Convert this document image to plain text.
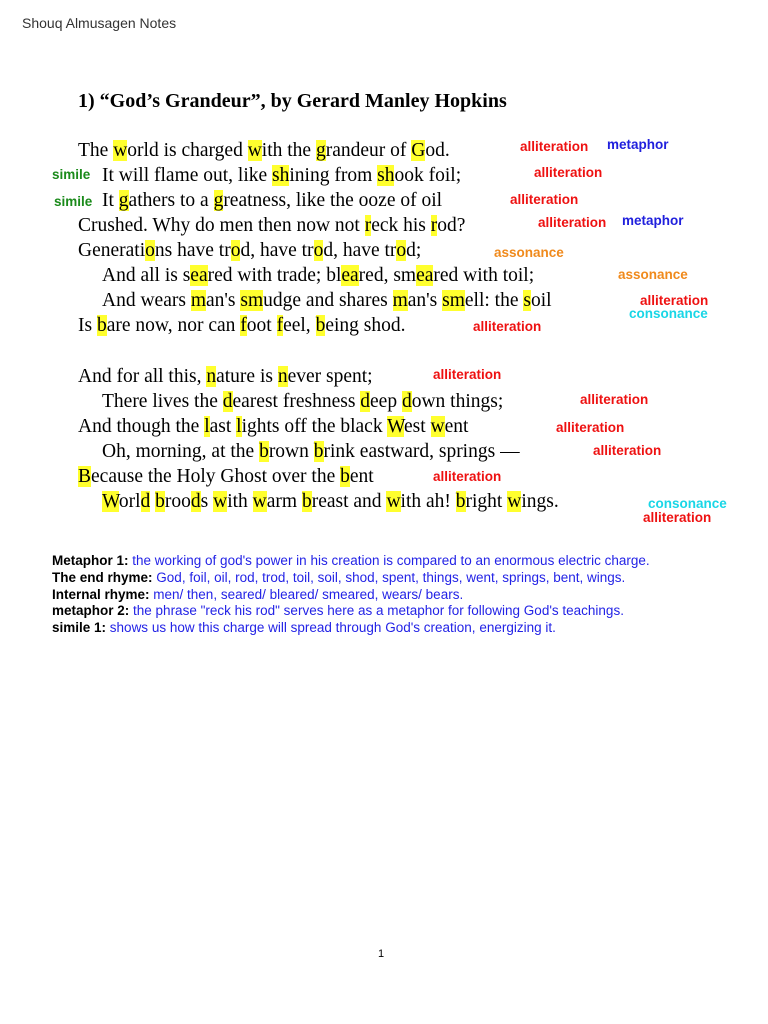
Shouq Almusagen Notes
1) “God’s Grandeur”, by Gerard Manley Hopkins
The world is charged with the grandeur of God.
It will flame out, like shining from shook foil;
It gathers to a greatness, like the ooze of oil
Crushed. Why do men then now not reck his rod?
Generations have trod, have trod, have trod;
And all is seared with trade; bleared, smeared with toil;
And wears man's smudge and shares man's smell: the soil
Is bare now, nor can foot feel, being shod.
And for all this, nature is never spent;
There lives the dearest freshness deep down things;
And though the last lights off the black West went
Oh, morning, at the brown brink eastward, springs —
Because the Holy Ghost over the bent
World broods with warm breast and with ah! bright wings.
alliteration metaphor
simile	alliteration
simile	alliteration
alliteration metaphor
assonance
assonance
alliteration
consonance
alliteration
alliteration
alliteration
alliteration
alliteration
alliteration
consonance
alliteration

Metaphor 1: the working of god's power in his creation is compared to an enormous electric charge.

The end rhyme: God, foil, oil, rod, trod, toil, soil, shod, spent, things, went, springs, bent, wings.

Internal rhyme: men/ then, seared/ bleared/ smeared, wears/ bears.

metaphor 2: the phrase "reck his rod" serves here as a metaphor for following God's teachings.

simile 1: shows us how this charge will spread through God's creation, energizing it.

1
